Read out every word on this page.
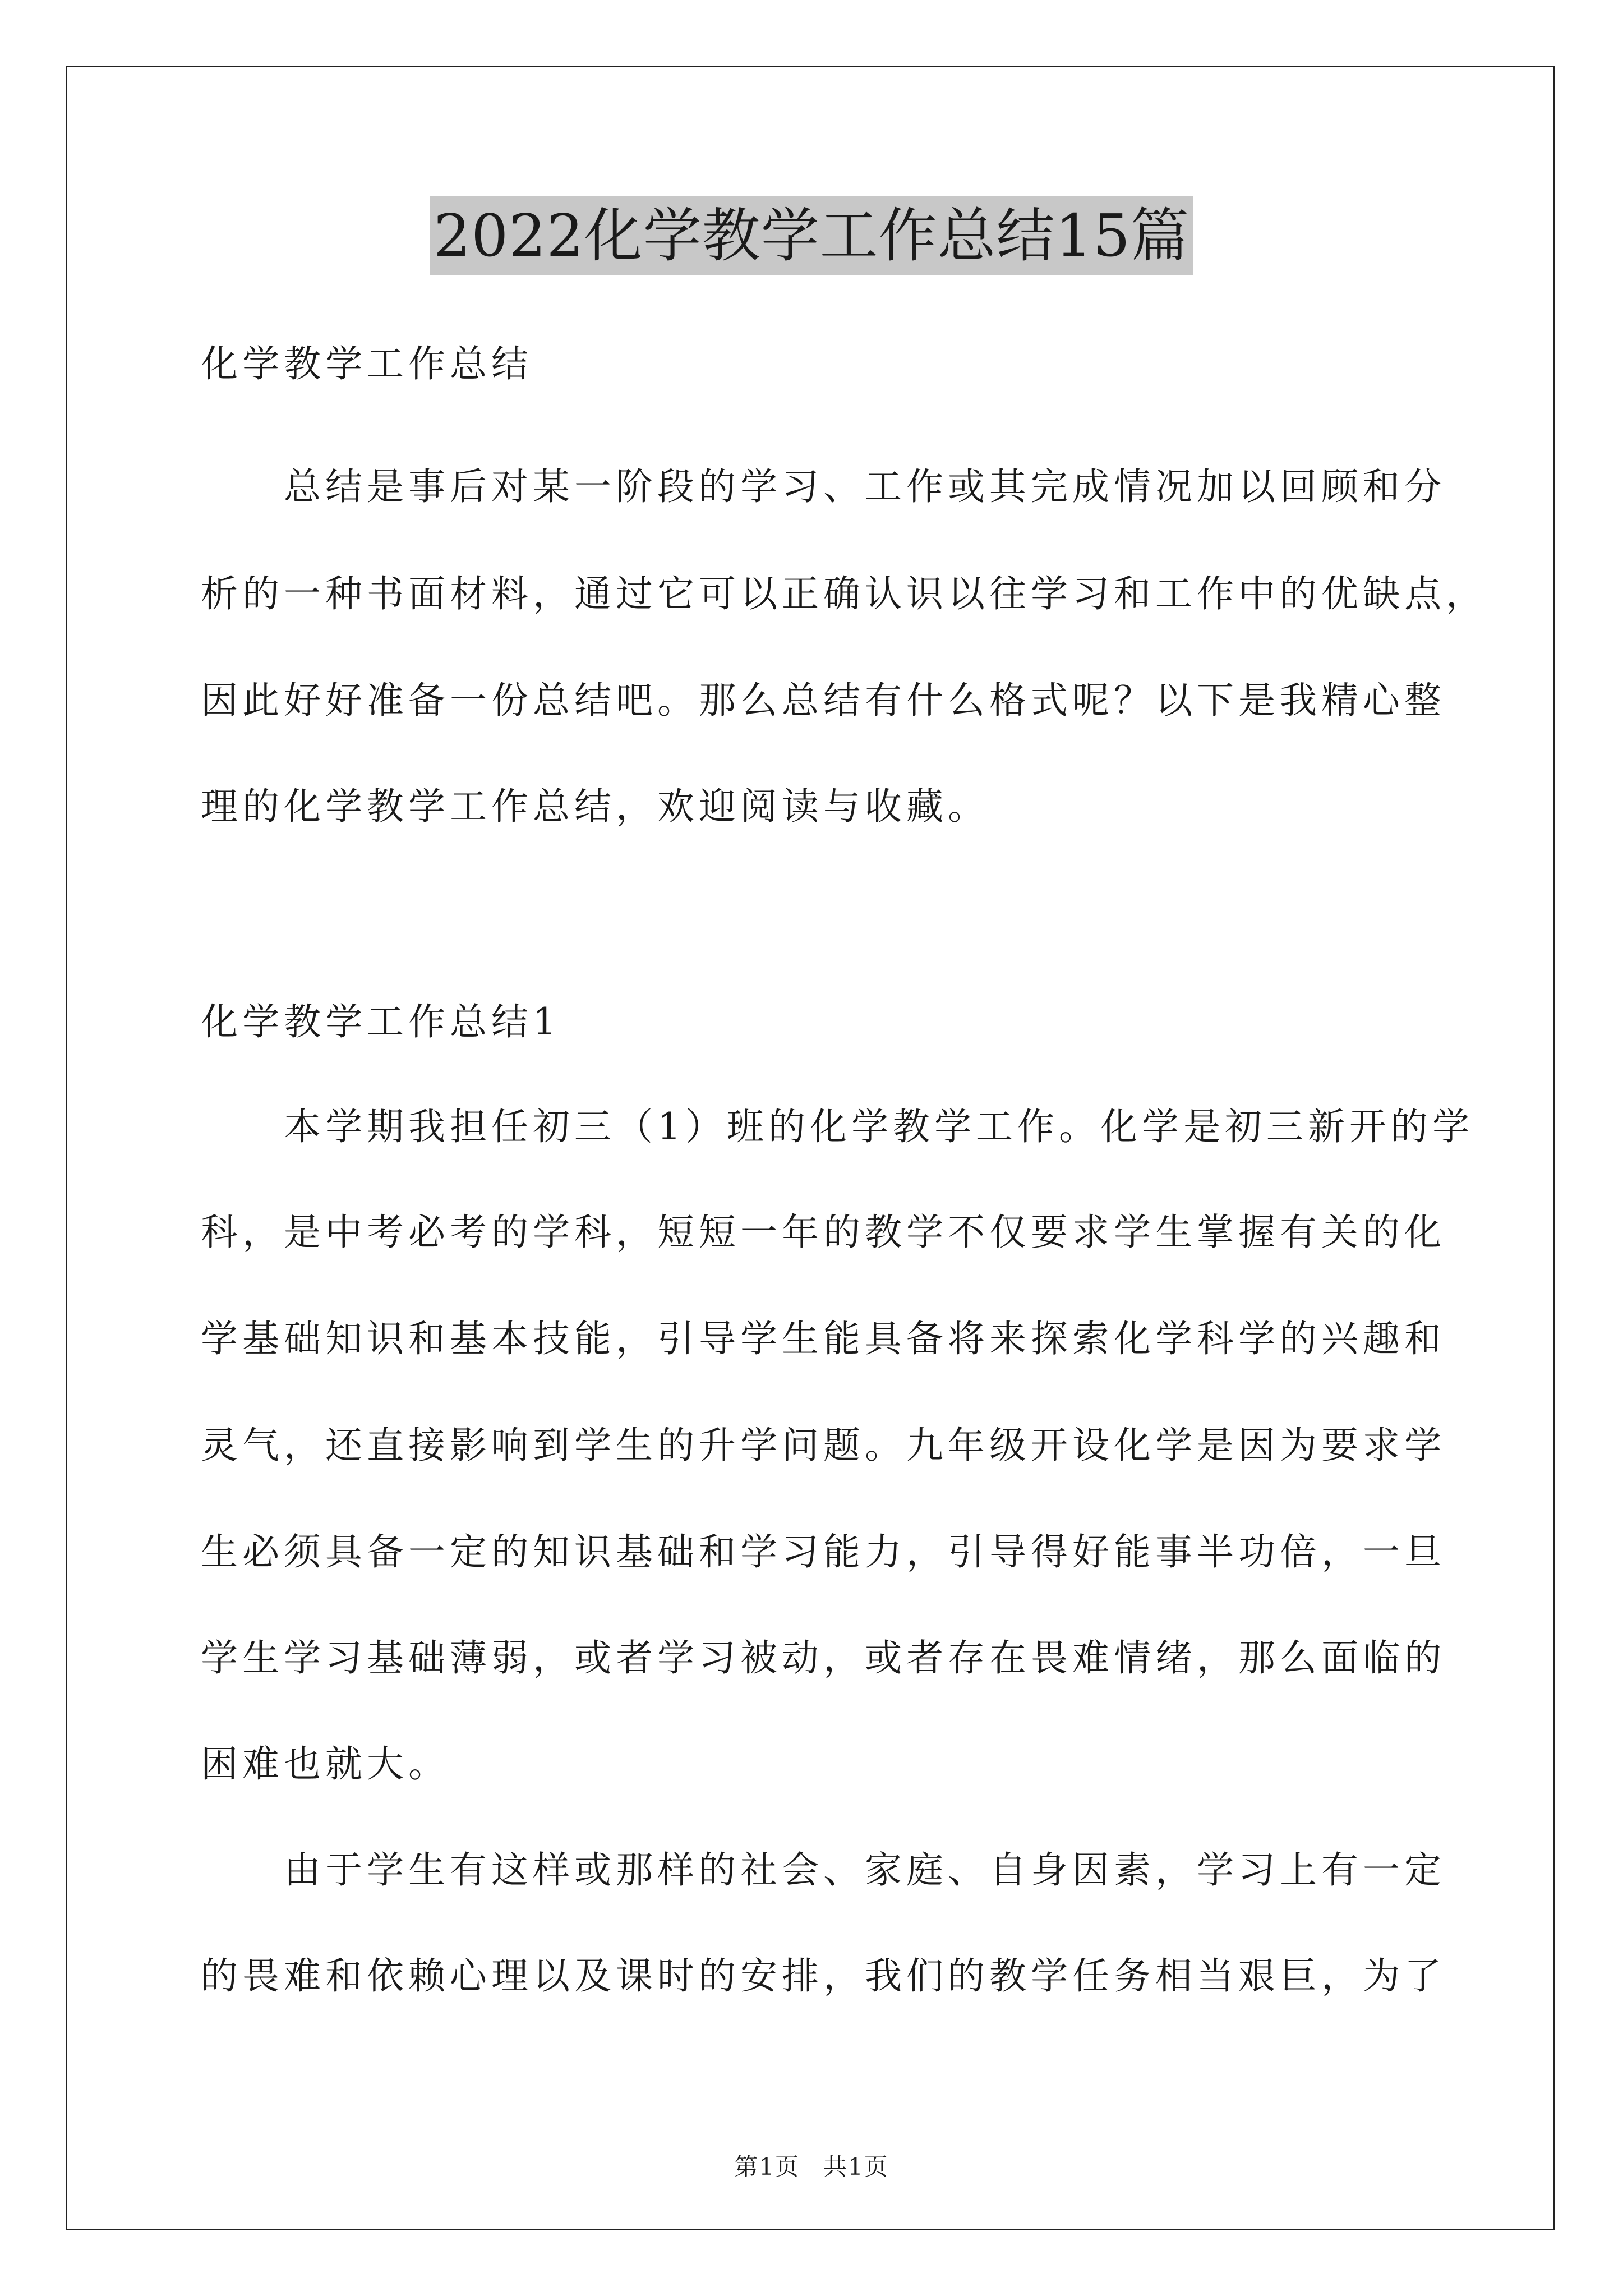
2022化学教学工作总结15篇
化学教学工作总结
总结是事后对某一阶段的学习、工作或其完成情况加以回顾和分
析的一种书面材料，通过它可以正确认识以往学习和工作中的优缺点，
因此好好准备一份总结吧。那么总结有什么格式呢？以下是我精心整
理的化学教学工作总结，欢迎阅读与收藏。
化学教学工作总结1
本学期我担任初三（1）班的化学教学工作。化学是初三新开的学
科，是中考必考的学科，短短一年的教学不仅要求学生掌握有关的化
学基础知识和基本技能，引导学生能具备将来探索化学科学的兴趣和
灵气，还直接影响到学生的升学问题。九年级开设化学是因为要求学
生必须具备一定的知识基础和学习能力，引导得好能事半功倍，一旦
学生学习基础薄弱，或者学习被动，或者存在畏难情绪，那么面临的
困难也就大。
由于学生有这样或那样的社会、家庭、自身因素，学习上有一定
的畏难和依赖心理以及课时的安排，我们的教学任务相当艰巨，为了
第1页 共1页
